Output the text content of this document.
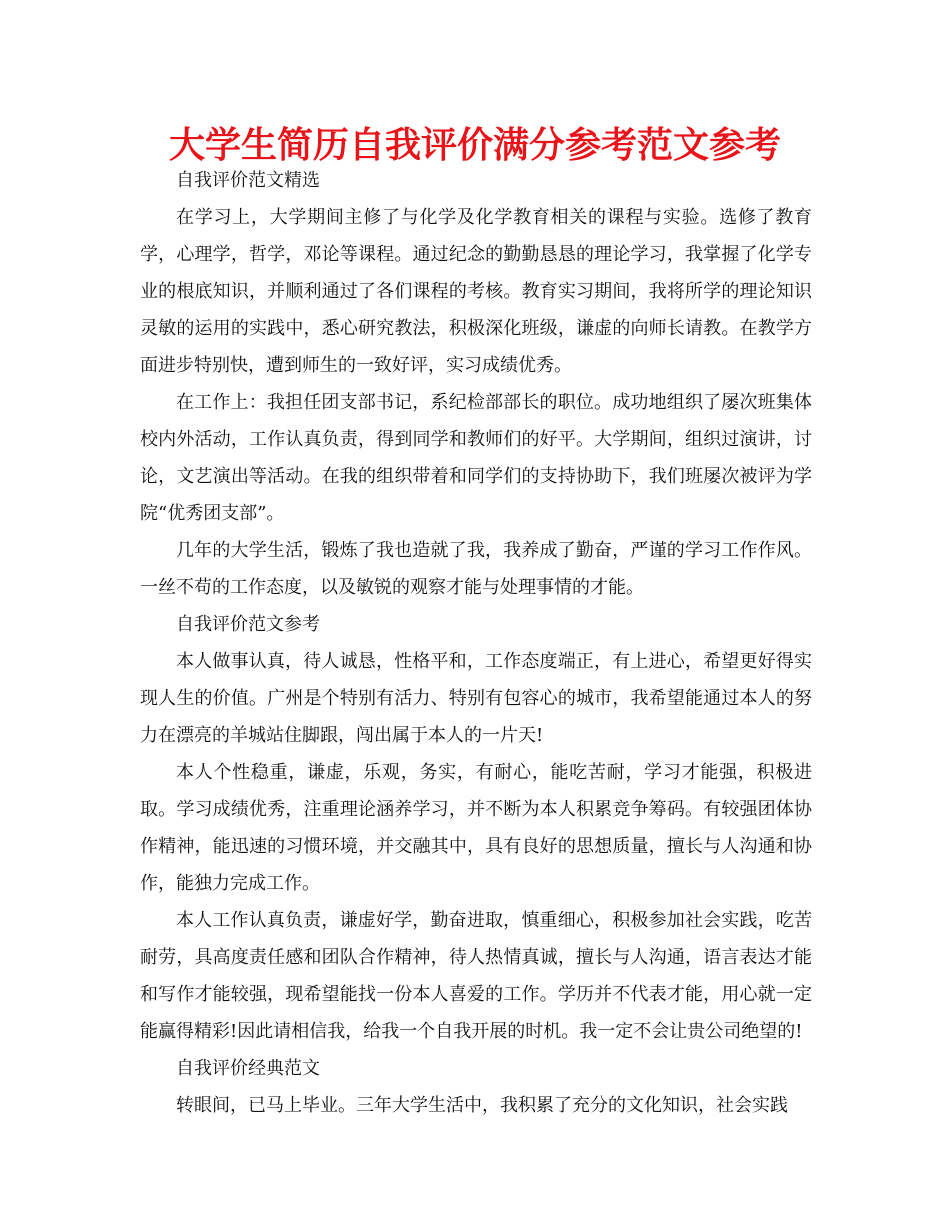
大学生简历自我评价满分参考范文参考

自我评价范文精选

在学习上，大学期间主修了与化学及化学教育相关的课程与实验。选修了教育学，心理学，哲学，邓论等课程。通过纪念的勤勤恳恳的理论学习，我掌握了化学专业的根底知识，并顺利通过了各们课程的考核。教育实习期间，我将所学的理论知识灵敏的运用的实践中，悉心研究教法，积极深化班级，谦虚的向师长请教。在教学方面进步特别快，遭到师生的一致好评，实习成绩优秀。

在工作上：我担任团支部书记，系纪检部部长的职位。成功地组织了屡次班集体校内外活动，工作认真负责，得到同学和教师们的好平。大学期间，组织过演讲，讨论，文艺演出等活动。在我的组织带着和同学们的支持协助下，我们班屡次被评为学院“优秀团支部”。

几年的大学生活，锻炼了我也造就了我，我养成了勤奋，严谨的学习工作作风。一丝不苟的工作态度，以及敏锐的观察才能与处理事情的才能。

自我评价范文参考

本人做事认真，待人诚恳，性格平和，工作态度端正，有上进心，希望更好得实现人生的价值。广州是个特别有活力、特别有包容心的城市，我希望能通过本人的努力在漂亮的羊城站住脚跟，闯出属于本人的一片天!

本人个性稳重，谦虚，乐观，务实，有耐心，能吃苦耐，学习才能强，积极进取。学习成绩优秀，注重理论涵养学习，并不断为本人积累竞争筹码。有较强团体协作精神，能迅速的习惯环境，并交融其中，具有良好的思想质量，擅长与人沟通和协作，能独力完成工作。

本人工作认真负责，谦虚好学，勤奋进取，慎重细心，积极参加社会实践，吃苦耐劳，具高度责任感和团队合作精神，待人热情真诚，擅长与人沟通，语言表达才能和写作才能较强，现希望能找一份本人喜爱的工作。学历并不代表才能，用心就一定能赢得精彩!因此请相信我，给我一个自我开展的时机。我一定不会让贵公司绝望的!

自我评价经典范文

转眼间，已马上毕业。三年大学生活中，我积累了充分的文化知识，社会实践
